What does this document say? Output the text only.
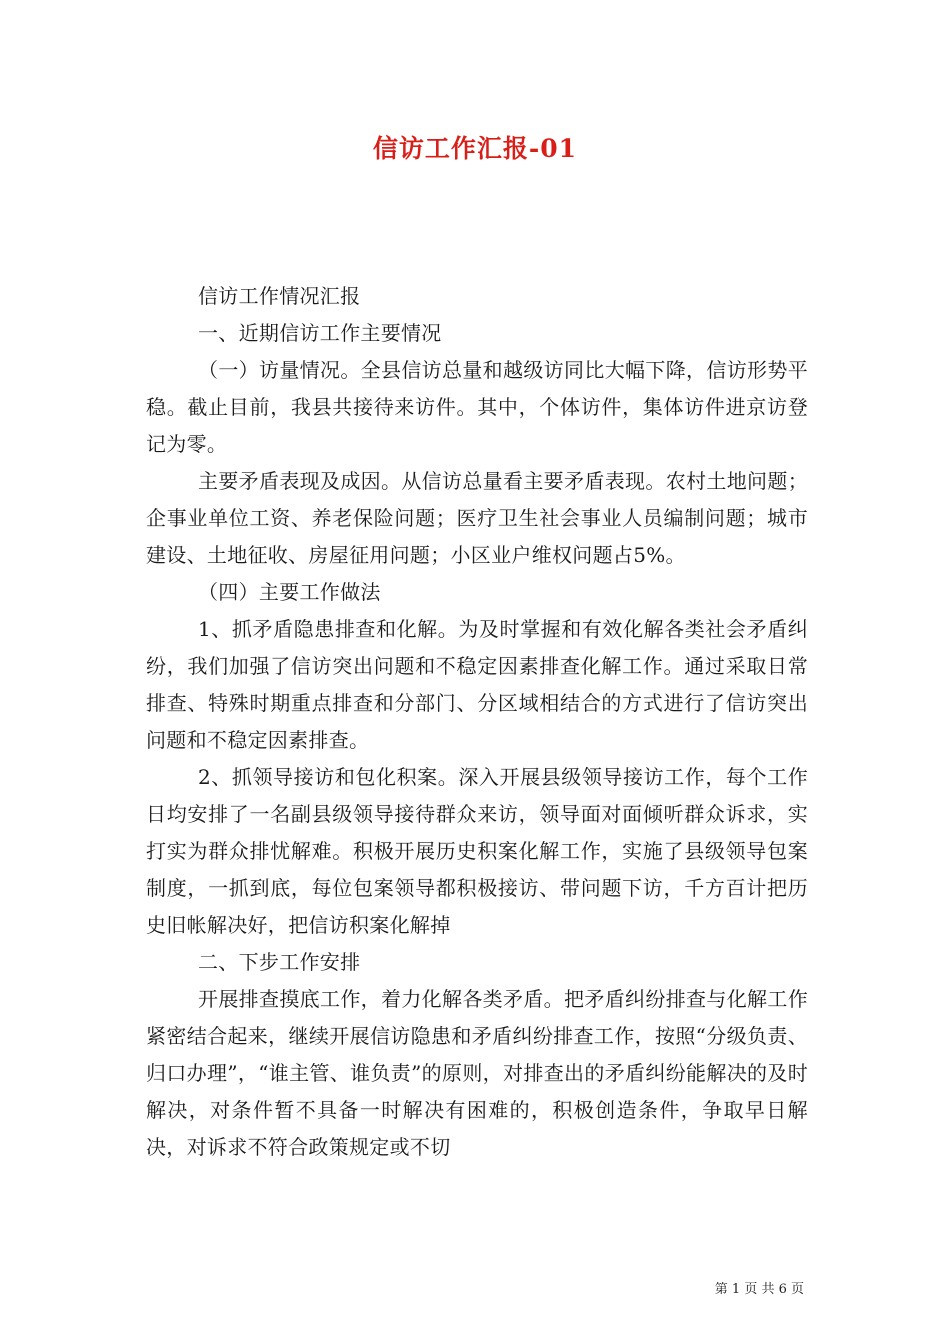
信访工作汇报-01

信访工作情况汇报

一、近期信访工作主要情况

（一）访量情况。全县信访总量和越级访同比大幅下降，信访形势平稳。截止目前，我县共接待来访件。其中，个体访件，集体访件进京访登记为零。

主要矛盾表现及成因。从信访总量看主要矛盾表现。农村土地问题；企事业单位工资、养老保险问题；医疗卫生社会事业人员编制问题；城市建设、土地征收、房屋征用问题；小区业户维权问题占5%。

（四）主要工作做法

1、抓矛盾隐患排查和化解。为及时掌握和有效化解各类社会矛盾纠纷，我们加强了信访突出问题和不稳定因素排查化解工作。通过采取日常排查、特殊时期重点排查和分部门、分区域相结合的方式进行了信访突出问题和不稳定因素排查。

2、抓领导接访和包化积案。深入开展县级领导接访工作，每个工作日均安排了一名副县级领导接待群众来访，领导面对面倾听群众诉求，实打实为群众排忧解难。积极开展历史积案化解工作，实施了县级领导包案制度，一抓到底，每位包案领导都积极接访、带问题下访，千方百计把历史旧帐解决好，把信访积案化解掉

二、下步工作安排

开展排查摸底工作，着力化解各类矛盾。把矛盾纠纷排查与化解工作紧密结合起来，继续开展信访隐患和矛盾纠纷排查工作，按照“分级负责、归口办理”，“谁主管、谁负责”的原则，对排查出的矛盾纠纷能解决的及时解决，对条件暂不具备一时解决有困难的，积极创造条件，争取早日解决，对诉求不符合政策规定或不切

第 1 页 共 6 页
